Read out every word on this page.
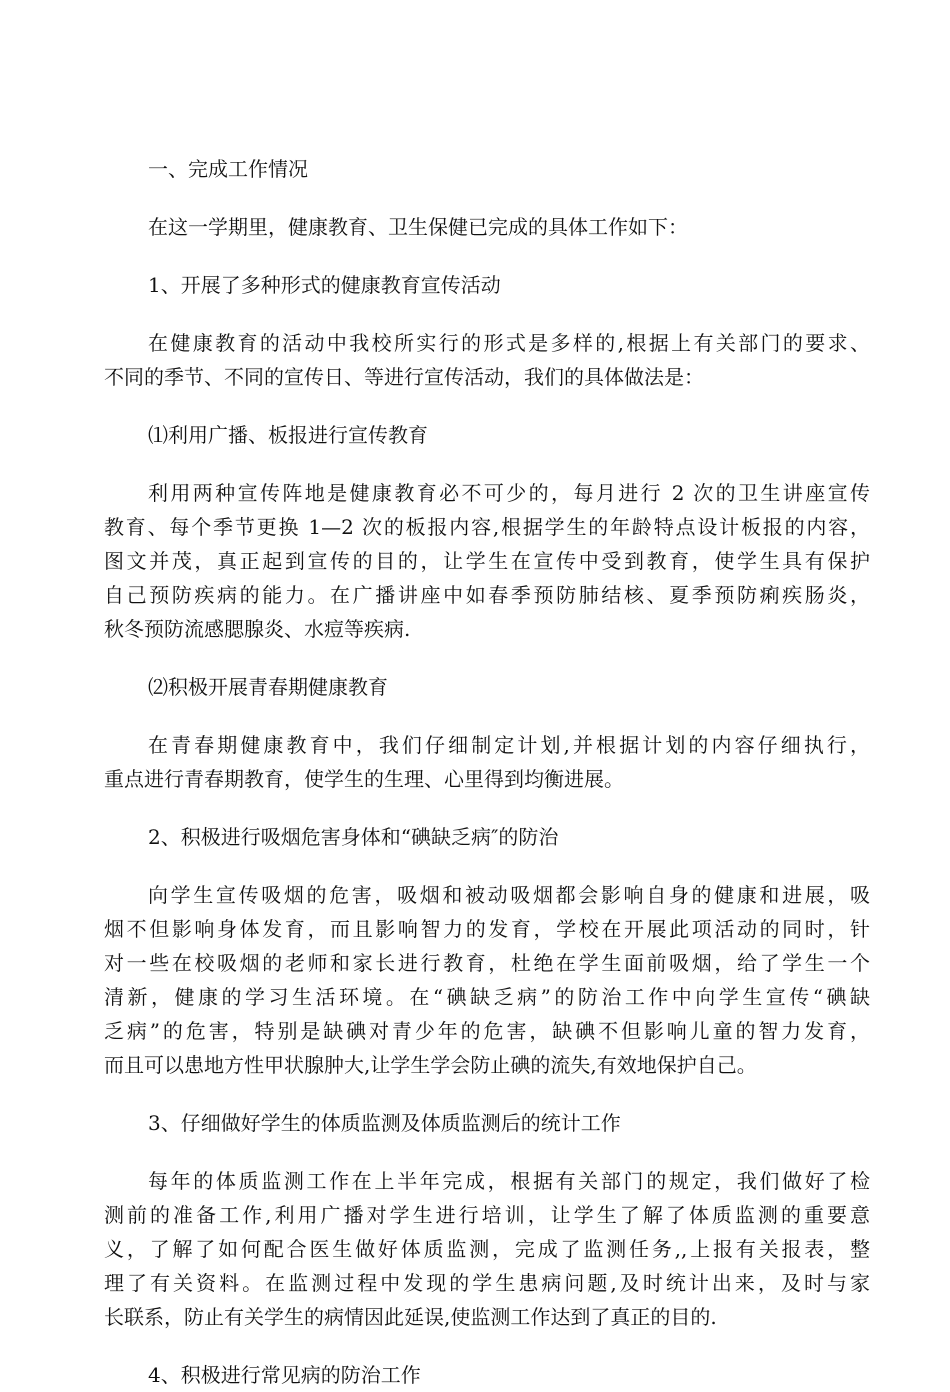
一、完成工作情况
在这一学期里，健康教育、卫生保健已完成的具体工作如下：
1、开展了多种形式的健康教育宣传活动
在健康教育的活动中我校所实行的形式是多样的,根据上有关部门的要求、
不同的季节、不同的宣传日、等进行宣传活动，我们的具体做法是：
⑴利用广播、板报进行宣传教育
利用两种宣传阵地是健康教育必不可少的，每月进行 2 次的卫生讲座宣传
教育、每个季节更换 1—2 次的板报内容,根据学生的年龄特点设计板报的内容，
图文并茂，真正起到宣传的目的，让学生在宣传中受到教育，使学生具有保护
自己预防疾病的能力。在广播讲座中如春季预防肺结核、夏季预防痢疾肠炎，
秋冬预防流感腮腺炎、水痘等疾病.
⑵积极开展青春期健康教育
在青春期健康教育中，我们仔细制定计划,并根据计划的内容仔细执行，
重点进行青春期教育，使学生的生理、心里得到均衡进展。
2、积极进行吸烟危害身体和“碘缺乏病″的防治
向学生宣传吸烟的危害，吸烟和被动吸烟都会影响自身的健康和进展，吸
烟不但影响身体发育，而且影响智力的发育，学校在开展此项活动的同时，针
对一些在校吸烟的老师和家长进行教育，杜绝在学生面前吸烟，给了学生一个
清新，健康的学习生活环境。在“碘缺乏病”的防治工作中向学生宣传“碘缺
乏病”的危害，特别是缺碘对青少年的危害，缺碘不但影响儿童的智力发育，
而且可以患地方性甲状腺肿大,让学生学会防止碘的流失,有效地保护自己。
3、仔细做好学生的体质监测及体质监测后的统计工作
每年的体质监测工作在上半年完成，根据有关部门的规定，我们做好了检
测前的准备工作,利用广播对学生进行培训，让学生了解了体质监测的重要意
义，了解了如何配合医生做好体质监测，完成了监测任务,,上报有关报表，整
理了有关资料。在监测过程中发现的学生患病问题,及时统计出来，及时与家
长联系，防止有关学生的病情因此延误,使监测工作达到了真正的目的.
4、积极进行常见病的防治工作
